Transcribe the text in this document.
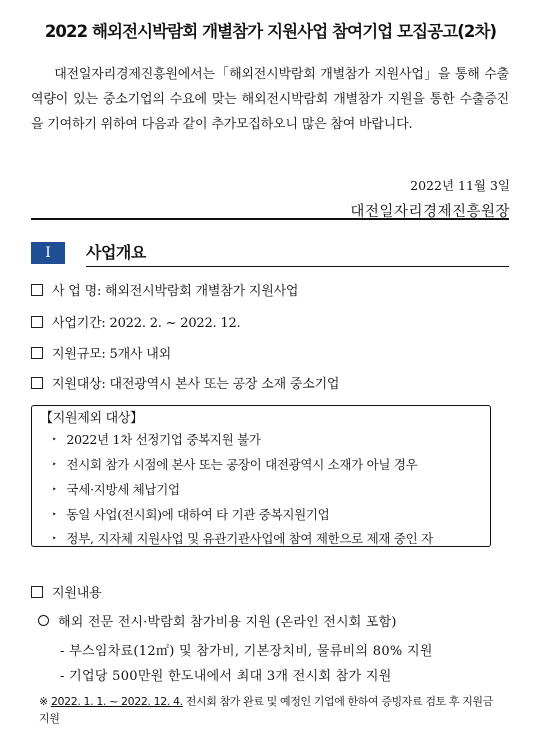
2022 해외전시박람회 개별참가 지원사업 참여기업 모집공고(2차)
대전일자리경제진흥원에서는「해외전시박람회 개별참가 지원사업」을 통해 수출역량이 있는 중소기업의 수요에 맞는 해외전시박람회 개별참가 지원을 통한 수출증진을 기여하기 위하여 다음과 같이 추가모집하오니 많은 참여 바랍니다.
2022년 11월 3일
대전일자리경제진흥원장
Ⅰ	사업개요
사 업 명: 해외전시박람회 개별참가 지원사업
사업기간: 2022. 2. ~ 2022. 12.
지원규모: 5개사 내외
지원대상: 대전광역시 본사 또는 공장 소재 중소기업
【지원제외 대상】
‣ 2022년 1차 선정기업 중복지원 불가
‣ 전시회 참가 시점에 본사 또는 공장이 대전광역시 소재가 아닐 경우
‣ 국세·지방세 체납기업
‣ 동일 사업(전시회)에 대하여 타 기관 중복지원기업
‣ 정부, 지자체 지원사업 및 유관기관사업에 참여 제한으로 제재 중인 자
지원내용
해외 전문 전시·박람회 참가비용 지원 (온라인 전시회 포함)
- 부스임차료(12㎡) 및 참가비, 기본장치비, 물류비의 80% 지원
- 기업당 500만원 한도내에서 최대 3개 전시회 참가 지원
※ 2022. 1. 1. ~ 2022. 12. 4. 전시회 참가 완료 및 예정인 기업에 한하여 증빙자료 검토 후 지원금 지원
